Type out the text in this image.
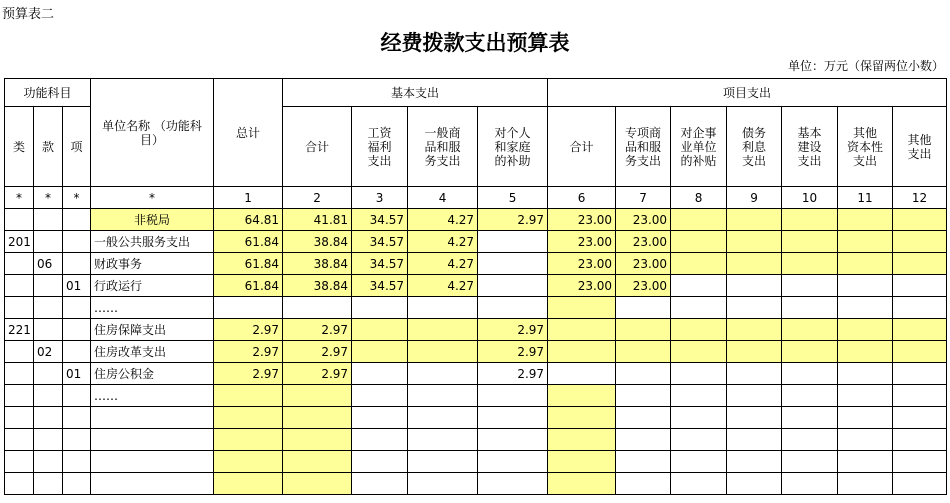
预算表二
经费拨款支出预算表
单位：万元（保留两位小数）
功能科目			单位名称 （功能科目）	总计	基本支出				项目支出						
类	款	项			合计	工资
福利
支出	一般商
品和服
务支出	对个人
和家庭
的补助	合计	专项商
品和服
务支出	对企事
业单位
的补贴	债务
利息
支出	基本
建设
支出	其他
资本性
支出	其他
支出
*	*	*	*	1	2	3	4	5	6	7	8	9	10	11	12
			非税局	64.81	41.81	34.57	4.27	2.97	23.00	23.00					
201			一般公共服务支出	61.84	38.84	34.57	4.27		23.00	23.00					
	06		财政事务	61.84	38.84	34.57	4.27		23.00	23.00					
		01	行政运行	61.84	38.84	34.57	4.27		23.00	23.00					
			……												
221			住房保障支出	2.97	2.97			2.97							
	02		住房改革支出	2.97	2.97			2.97							
		01	住房公积金	2.97	2.97			2.97							
			……												
